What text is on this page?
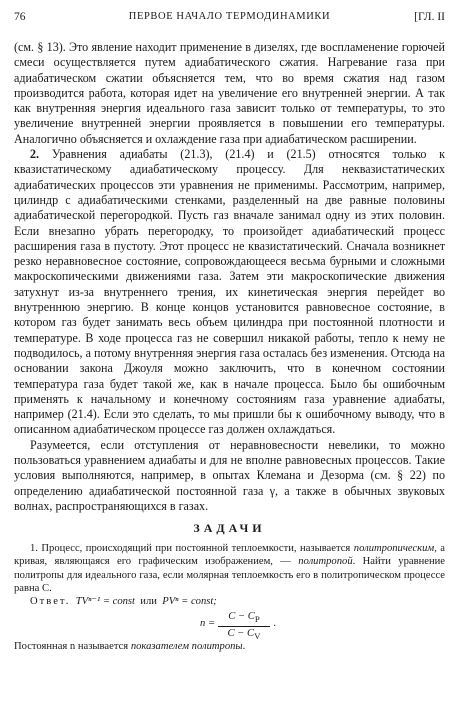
76	ПЕРВОЕ НАЧАЛО ТЕРМОДИНАМИКИ	[ГЛ. II

(см. § 13). Это явление находит применение в дизелях, где воспламенение горючей смеси осуществляется путем адиабатического сжатия. Нагревание газа при адиабатическом сжатии объясняется тем, что во время сжатия над газом производится работа, которая идет на увеличение его внутренней энергии. А так как внутренняя энергия идеального газа зависит только от температуры, то это увеличение внутренней энергии проявляется в повышении его температуры. Аналогично объясняется и охлаждение газа при адиабатическом расширении.

2. Уравнения адиабаты (21.3), (21.4) и (21.5) относятся только к квазистатическому адиабатическому процессу. Для неквазистатических адиабатических процессов эти уравнения не применимы. Рассмотрим, например, цилиндр с адиабатическими стенками, разделенный на две равные половины адиабатической перегородкой. Пусть газ вначале занимал одну из этих половин. Если внезапно убрать перегородку, то произойдет адиабатический процесс расширения газа в пустоту. Этот процесс не квазистатический. Сначала возникнет резко неравновесное состояние, сопровождающееся весьма бурными и сложными макроскопическими движениями газа. Затем эти макроскопические движения затухнут из-за внутреннего трения, их кинетическая энергия перейдет во внутреннюю энергию. В конце концов установится равновесное состояние, в котором газ будет занимать весь объем цилиндра при постоянной плотности и температуре. В ходе процесса газ не совершил никакой работы, тепло к нему не подводилось, а потому внутренняя энергия газа осталась без изменения. Отсюда на основании закона Джоуля можно заключить, что в конечном состоянии температура газа будет такой же, как в начале процесса. Было бы ошибочным применять к начальному и конечному состояниям газа уравнение адиабаты, например (21.4). Если это сделать, то мы пришли бы к ошибочному выводу, что в описанном адиабатическом процессе газ должен охлаждаться.

Разумеется, если отступления от неравновесности невелики, то можно пользоваться уравнением адиабаты и для не вполне равновесных процессов. Такие условия выполняются, например, в опытах Клемана и Дезорма (см. § 22) по определению адиабатической постоянной газа γ, а также в обычных звуковых волнах, распространяющихся в газах.

ЗАДАЧИ

1. Процесс, происходящий при постоянной теплоемкости, называется политропическим, а кривая, являющаяся его графическим изображением, — политропой. Найти уравнение политропы для идеального газа, если молярная теплоемкость его в политропическом процессе равна C.

Ответ. TVⁿ⁻¹ = const или PVⁿ = const;

n =
$C - C_P$
$C - C_V$
.

Постоянная n называется показателем политропы.
